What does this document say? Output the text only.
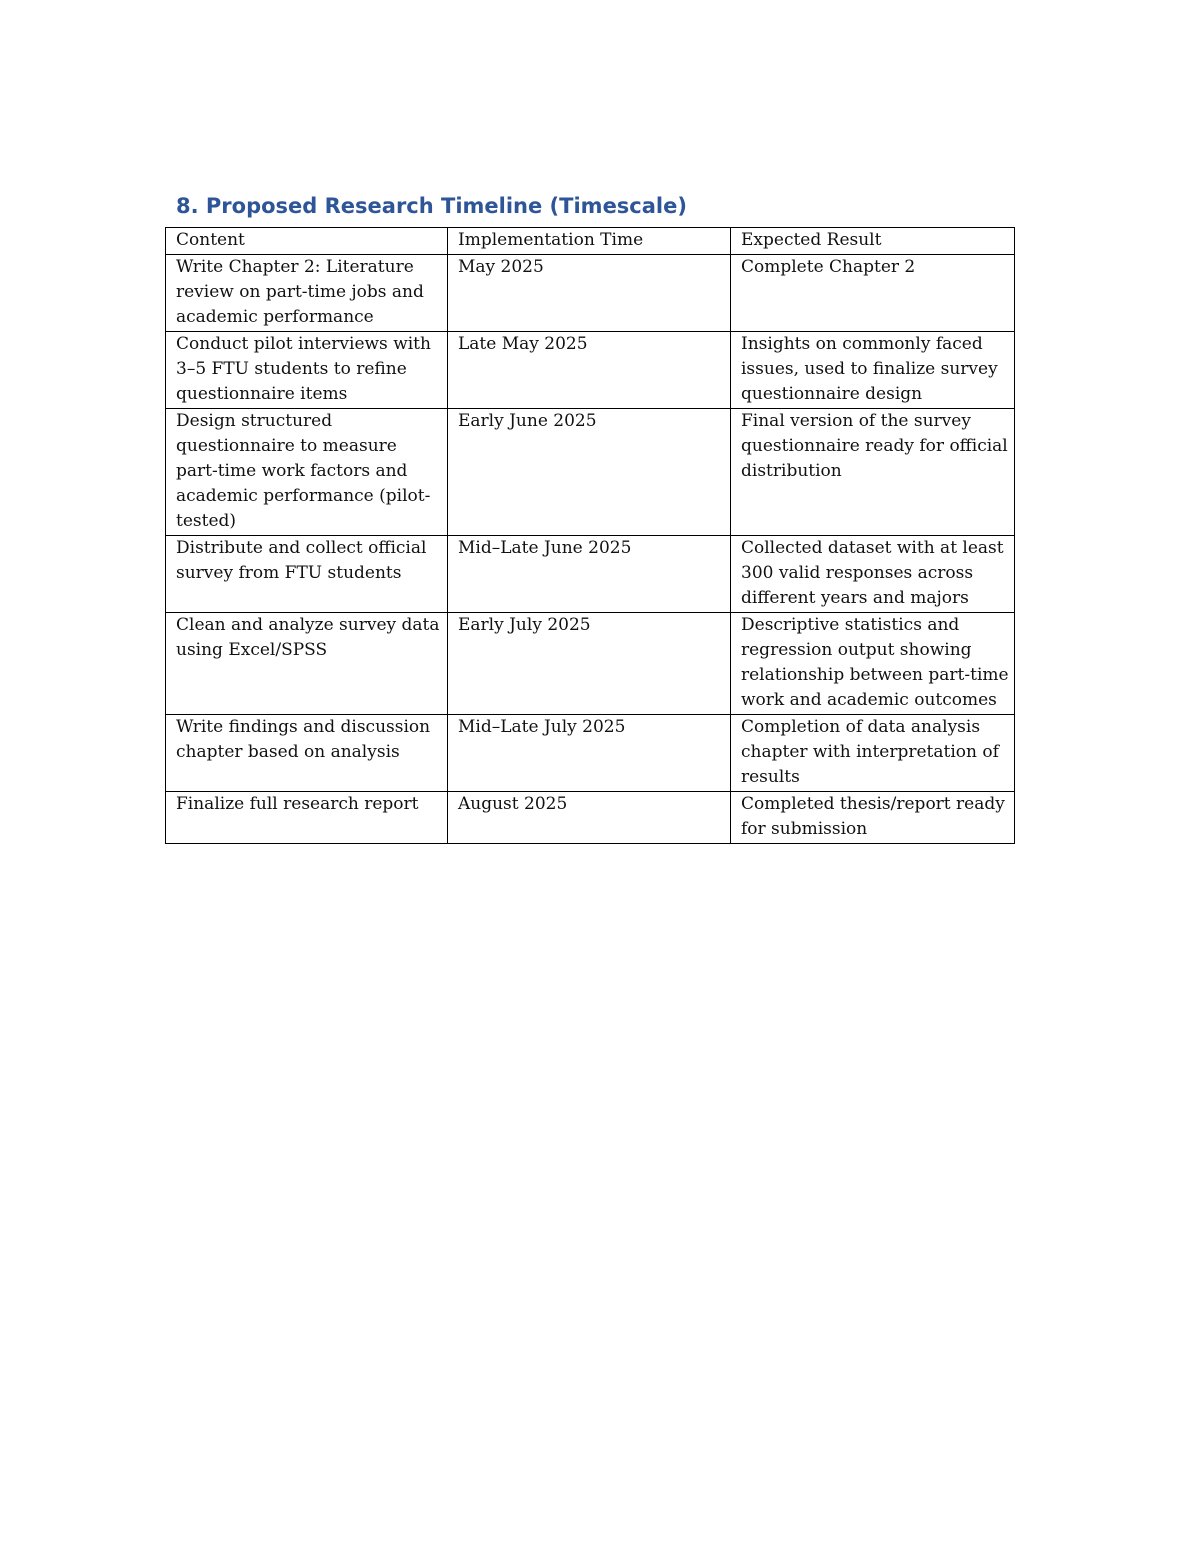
8. Proposed Research Timeline (Timescale)
Content	Implementation Time	Expected Result
Write Chapter 2: Literature review on part-time jobs and academic performance	May 2025	Complete Chapter 2
Conduct pilot interviews with 3–5 FTU students to refine questionnaire items	Late May 2025	Insights on commonly faced issues, used to finalize survey questionnaire design
Design structured questionnaire to measure part-time work factors and academic performance (pilot-tested)	Early June 2025	Final version of the survey questionnaire ready for official distribution
Distribute and collect official survey from FTU students	Mid–Late June 2025	Collected dataset with at least 300 valid responses across different years and majors
Clean and analyze survey data using Excel/SPSS	Early July 2025	Descriptive statistics and regression output showing relationship between part-time work and academic outcomes
Write findings and discussion chapter based on analysis	Mid–Late July 2025	Completion of data analysis chapter with interpretation of results
Finalize full research report	August 2025	Completed thesis/report ready for submission
